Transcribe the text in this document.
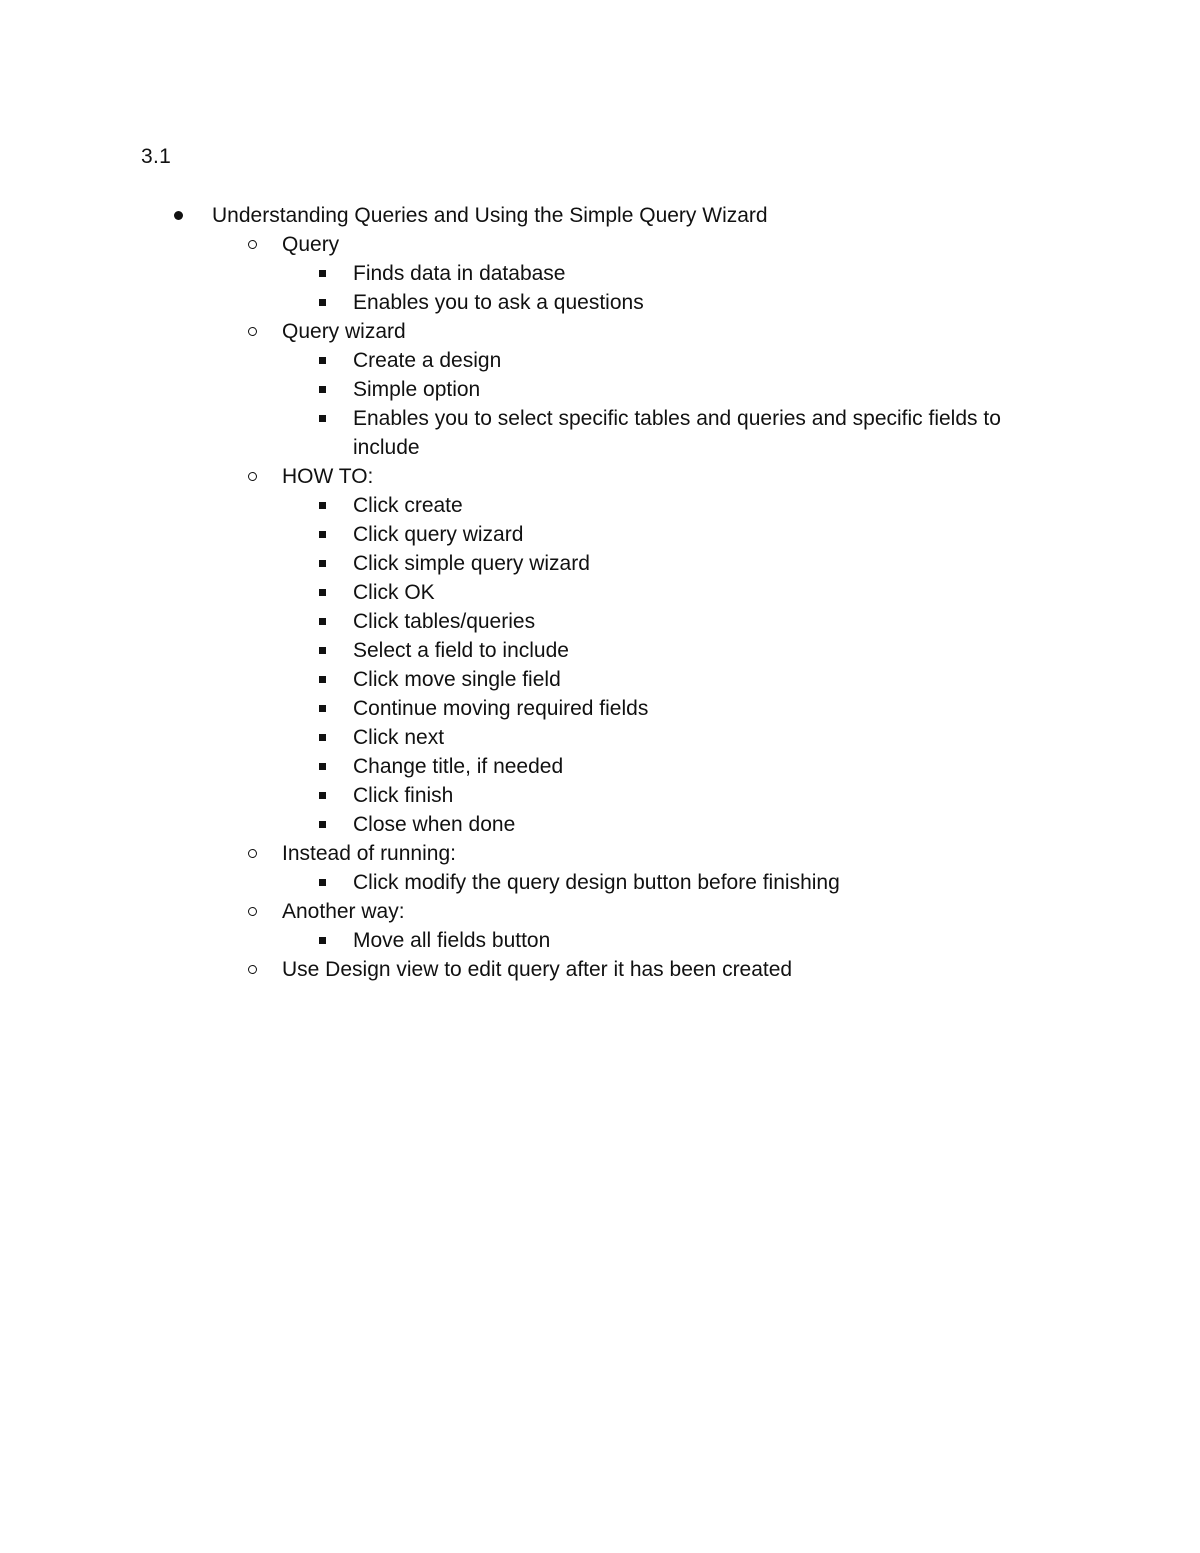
3.1
Understanding Queries and Using the Simple Query Wizard
Query
Finds data in database
Enables you to ask a questions
Query wizard
Create a design
Simple option
Enables you to select specific tables and queries and specific fields to include
HOW TO:
Click create
Click query wizard
Click simple query wizard
Click OK
Click tables/queries
Select a field to include
Click move single field
Continue moving required fields
Click next
Change title, if needed
Click finish
Close when done
Instead of running:
Click modify the query design button before finishing
Another way:
Move all fields button
Use Design view to edit query after it has been created
